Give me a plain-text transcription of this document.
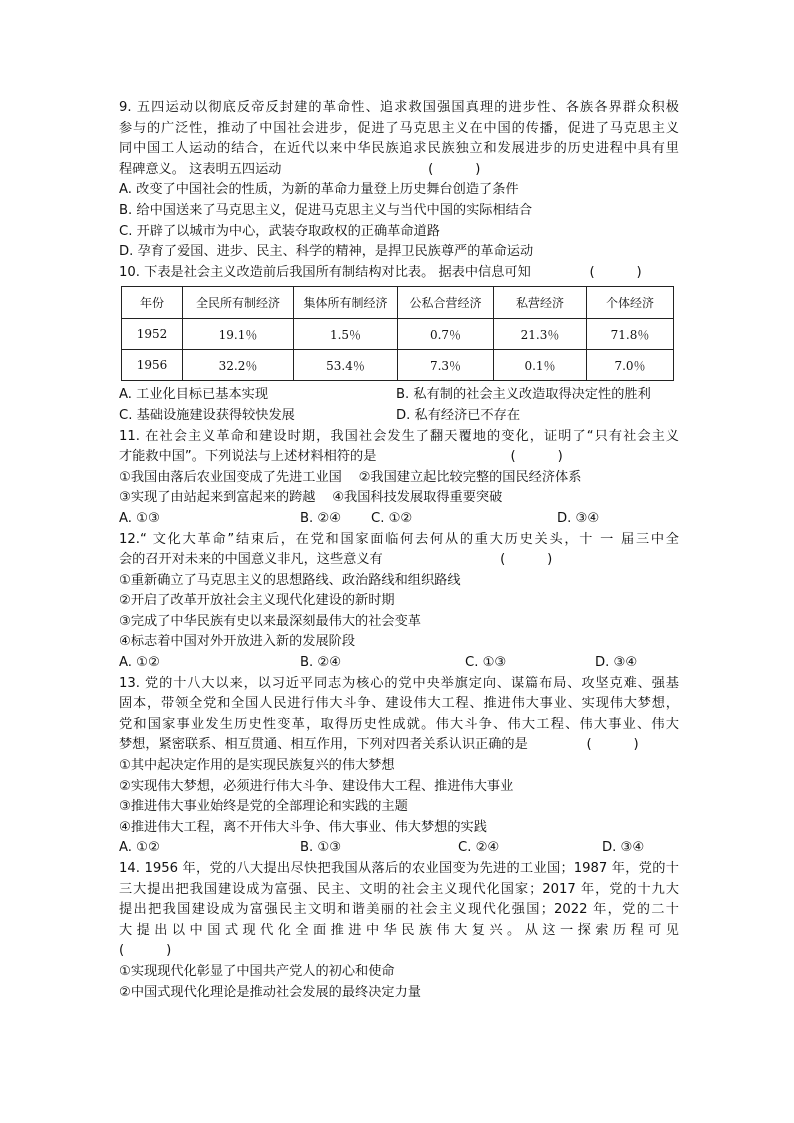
9. 五四运动以彻底反帝反封建的革命性、追求救国强国真理的进步性、各族各界群众积极
参与的广泛性，推动了中国社会进步，促进了马克思主义在中国的传播，促进了马克思主义
同中国工人运动的结合，在近代以来中华民族追求民族独立和发展进步的历史进程中具有里
程碑意义。 这表明五四运动                                   (          )
A. 改变了中国社会的性质，为新的革命力量登上历史舞台创造了条件
B. 给中国送来了马克思主义，促进马克思主义与当代中国的实际相结合
C. 开辟了以城市为中心，武装夺取政权的正确革命道路
D. 孕育了爱国、进步、民主、科学的精神，是捍卫民族尊严的革命运动
10. 下表是社会主义改造前后我国所有制结构对比表。 据表中信息可知              (          )
年份	全民所有制经济	集体所有制经济	公私合营经济	私营经济	个体经济
1952	19.1％	1.5％	0.7％	21.3％	71.8％
1956	32.2％	53.4％	7.3％	0.1％	7.0％
A. 工业化目标已基本实现	B. 私有制的社会主义改造取得决定性的胜利
C. 基础设施建设获得较快发展	D. 私有经济已不存在
11. 在社会主义革命和建设时期，我国社会发生了翻天覆地的变化，证明了“只有社会主义
才能救中国”。下列说法与上述材料相符的是                                (          )
①我国由落后农业国变成了先进工业国    ②我国建立起比较完整的国民经济体系
③实现了由站起来到富起来的跨越    ④我国科技发展取得重要突破
A. ①③	B. ②④ C. ①②	D. ③④
12.“ 文化大革命”结束后，在党和国家面临何去何从的重大历史关头，十 一 届三中全
会的召开对未来的中国意义非凡，这些意义有                            (          )
①重新确立了马克思主义的思想路线、政治路线和组织路线
②开启了改革开放社会主义现代化建设的新时期
③完成了中华民族有史以来最深刻最伟大的社会变革
④标志着中国对外开放进入新的发展阶段
A. ①②	B. ②④	C. ①③	D. ③④
13. 党的十八大以来，以习近平同志为核心的党中央举旗定向、谋篇布局、攻坚克难、强基
固本，带领全党和全国人民进行伟大斗争、建设伟大工程、推进伟大事业、实现伟大梦想，
党和国家事业发生历史性变革，取得历史性成就。伟大斗争、伟大工程、伟大事业、伟大
梦想，紧密联系、相互贯通、相互作用，下列对四者关系认识正确的是              (          )
①其中起决定作用的是实现民族复兴的伟大梦想
②实现伟大梦想，必须进行伟大斗争、建设伟大工程、推进伟大事业
③推进伟大事业始终是党的全部理论和实践的主题
④推进伟大工程，离不开伟大斗争、伟大事业、伟大梦想的实践
A. ①②	B. ①③	C. ②④	D. ③④
14. 1956 年，党的八大提出尽快把我国从落后的农业国变为先进的工业国；1987 年，党的十
三大提出把我国建设成为富强、民主、文明的社会主义现代化国家；2017 年，党的十九大
提出把我国建设成为富强民主文明和谐美丽的社会主义现代化强国；2022 年，党的二十
大提出以中国式现代化全面推进中华民族伟大复兴。从这一探索历程可见
(          )
①实现现代化彰显了中国共产党人的初心和使命
②中国式现代化理论是推动社会发展的最终决定力量
